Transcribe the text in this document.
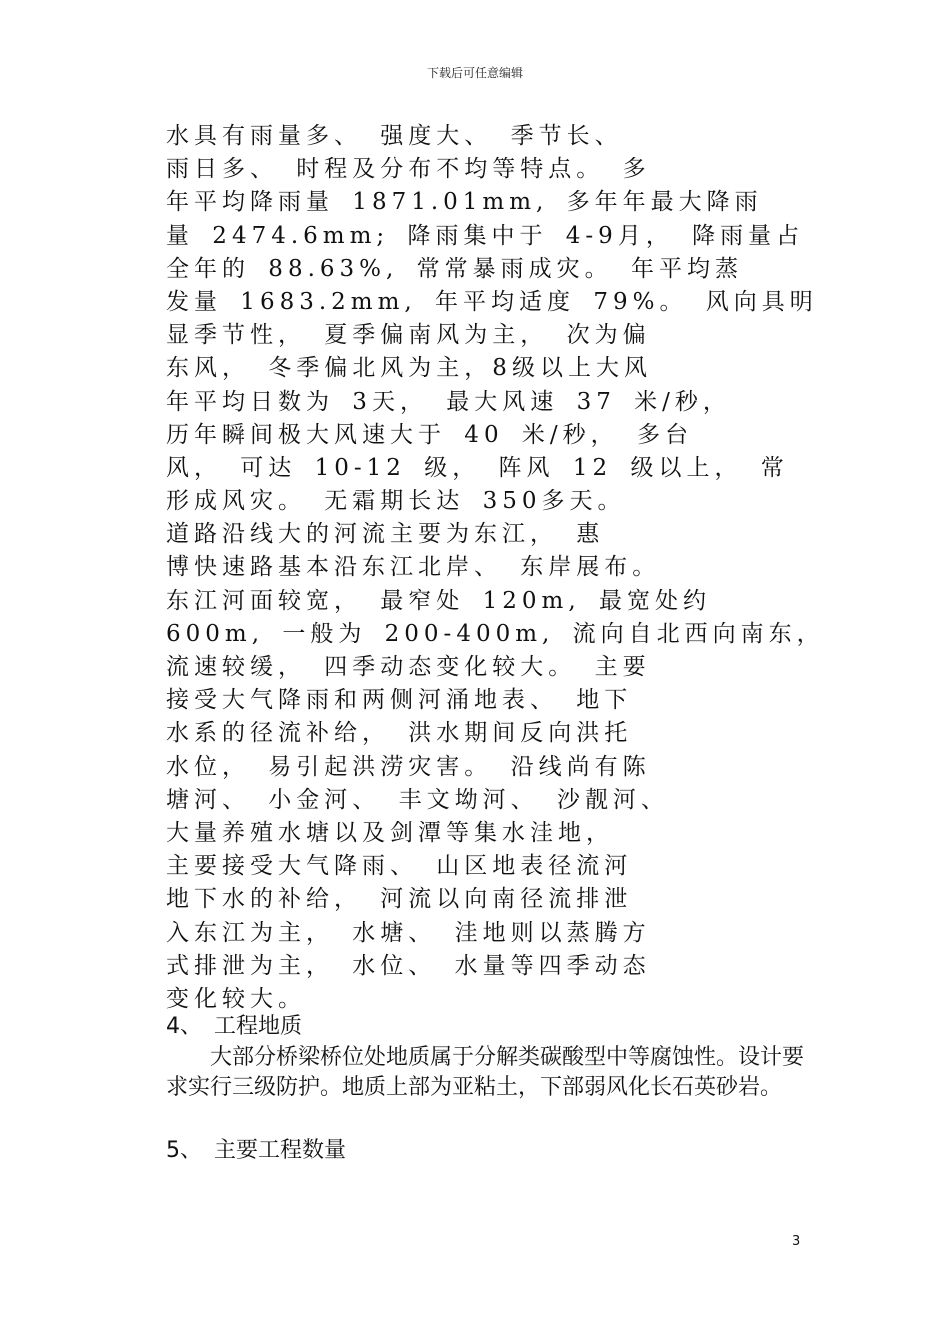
下载后可任意编辑
水具有雨量多、 强度大、 季节长、
雨日多、 时程及分布不均等特点。 多
年平均降雨量 1871.01mm, 多年年最大降雨
量 2474.6mm; 降雨集中于 4-9月， 降雨量占
全年的 88.63%, 常常暴雨成灾。 年平均蒸
发量 1683.2mm, 年平均适度 79%。 风向具明
显季节性， 夏季偏南风为主， 次为偏
东风， 冬季偏北风为主，8级以上大风
年平均日数为 3天， 最大风速 37 米/秒，
历年瞬间极大风速大于 40 米/秒， 多台
风， 可达 10-12 级， 阵风 12 级以上， 常
形成风灾。 无霜期长达 350多天。
道路沿线大的河流主要为东江， 惠
博快速路基本沿东江北岸、 东岸展布。
东江河面较宽， 最窄处 120m, 最宽处约
600m, 一般为 200-400m, 流向自北西向南东，
流速较缓， 四季动态变化较大。 主要
接受大气降雨和两侧河涌地表、 地下
水系的径流补给， 洪水期间反向洪托
水位， 易引起洪涝灾害。 沿线尚有陈
塘河、 小金河、 丰文坳河、 沙靓河、
大量养殖水塘以及剑潭等集水洼地，
主要接受大气降雨、 山区地表径流河
地下水的补给， 河流以向南径流排泄
入东江为主， 水塘、 洼地则以蒸腾方
式排泄为主， 水位、 水量等四季动态
变化较大。
4、 工程地质
　　大部分桥梁桥位处地质属于分解类碳酸型中等腐蚀性。设计要求实行三级防护。地质上部为亚粘土，下部弱风化长石英砂岩。
5、 主要工程数量
3
